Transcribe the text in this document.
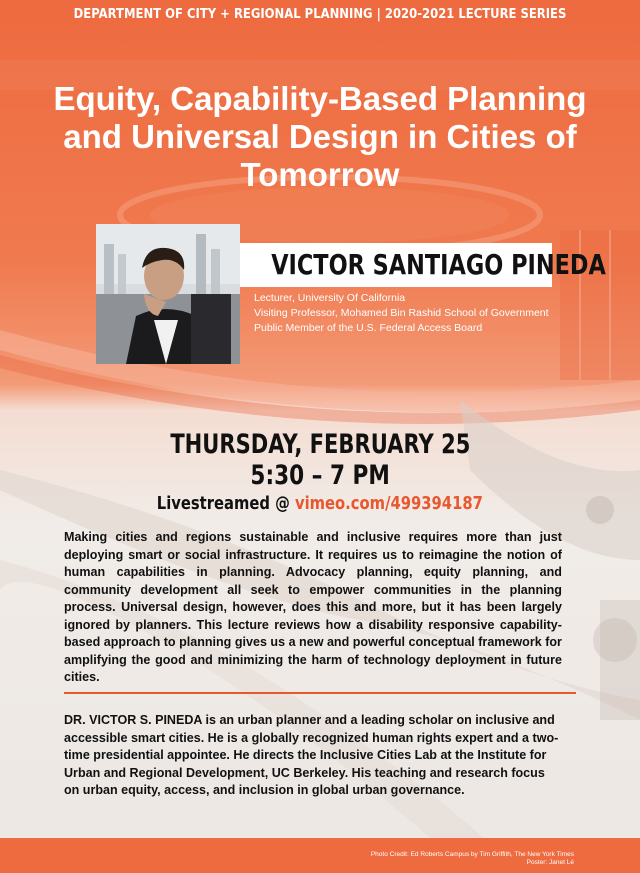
DEPARTMENT OF CITY + REGIONAL PLANNING | 2020-2021 LECTURE SERIES
Equity, Capability-Based Planning
and Universal Design in Cities of
Tomorrow
VICTOR SANTIAGO PINEDA
Lecturer, University Of California
Visiting Professor, Mohamed Bin Rashid School of Government
Public Member of the U.S. Federal Access Board
THURSDAY, FEBRUARY 25
5:30 – 7 PM
Livestreamed @ vimeo.com/499394187
Making cities and regions sustainable and inclusive requires more than just deploying smart or social infrastructure. It requires us to reimagine the notion of human capabilities in planning. Advocacy planning, equity planning, and community development all seek to empower communities in the planning process. Universal design, however, does this and more, but it has been largely ignored by planners. This lecture reviews how a disability responsive capability-based approach to planning gives us a new and powerful conceptual framework for amplifying the good and minimizing the harm of technology deployment in future cities.
DR. VICTOR S. PINEDA is an urban planner and a leading scholar on inclusive and accessible smart cities. He is a globally recognized human rights expert and a two-time presidential appointee. He directs the Inclusive Cities Lab at the Institute for Urban and Regional Development, UC Berkeley. His teaching and research focus on urban equity, access, and inclusion in global urban governance.
Photo Credit: Ed Roberts Campus by Tim Griffith, The New York Times
Poster: Janet Lé
